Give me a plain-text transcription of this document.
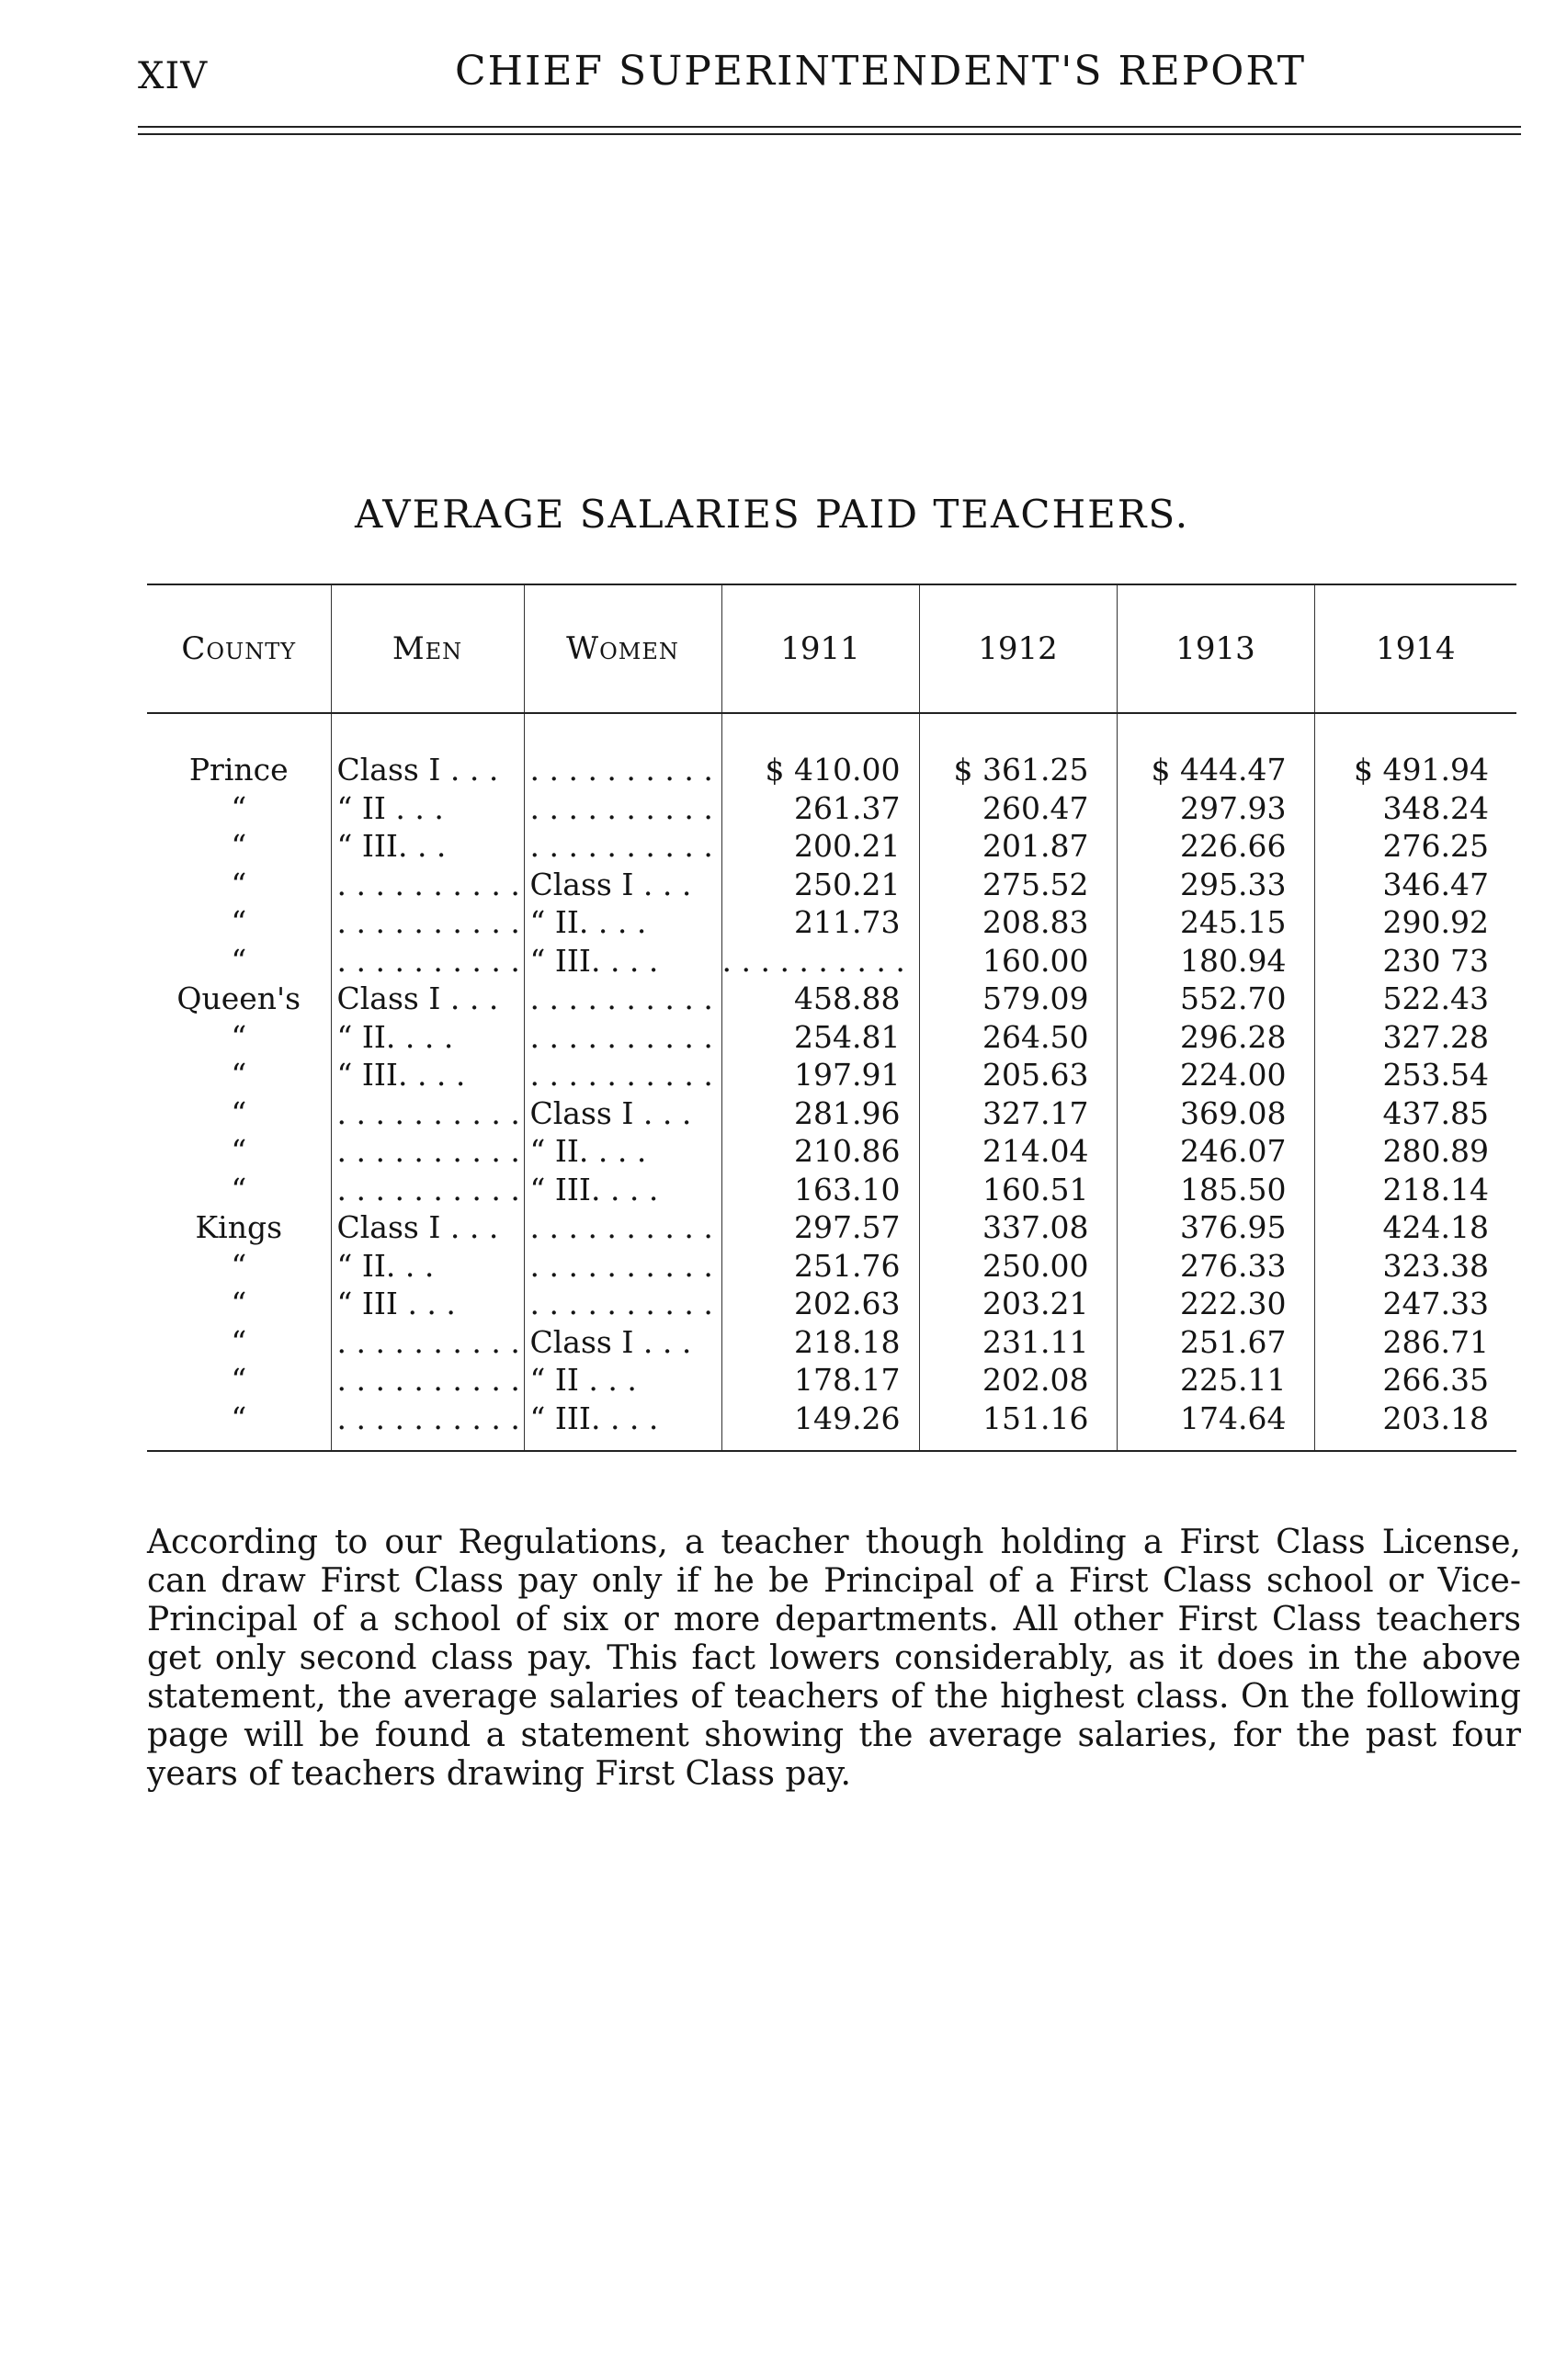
XIV	CHIEF SUPERINTENDENT'S REPORT
AVERAGE SALARIES PAID TEACHERS.
County	Men	Women	1911	1912	1913	1914
Prince	Class I . . .	. . . . . . . . . .	$ 410.00	$ 361.25	$ 444.47	$ 491.94
“	“ II . . .	. . . . . . . . . .	261.37	260.47	297.93	348.24
“	“ III. . .	. . . . . . . . . .	200.21	201.87	226.66	276.25
“	. . . . . . . . . .	Class I . . .	250.21	275.52	295.33	346.47
“	. . . . . . . . . .	“ II. . . .	211.73	208.83	245.15	290.92
“	. . . . . . . . . .	“ III. . . .	. . . . . . . . . .	160.00	180.94	230 73
Queen's	Class I . . .	. . . . . . . . . .	458.88	579.09	552.70	522.43
“	“ II. . . .	. . . . . . . . . .	254.81	264.50	296.28	327.28
“	“ III. . . .	. . . . . . . . . .	197.91	205.63	224.00	253.54
“	. . . . . . . . . .	Class I . . .	281.96	327.17	369.08	437.85
“	. . . . . . . . . .	“ II. . . .	210.86	214.04	246.07	280.89
“	. . . . . . . . . .	“ III. . . .	163.10	160.51	185.50	218.14
Kings	Class I . . .	. . . . . . . . . .	297.57	337.08	376.95	424.18
“	“ II. . .	. . . . . . . . . .	251.76	250.00	276.33	323.38
“	“ III . . .	. . . . . . . . . .	202.63	203.21	222.30	247.33
“	. . . . . . . . . .	Class I . . .	218.18	231.11	251.67	286.71
“	. . . . . . . . . .	“ II . . .	178.17	202.08	225.11	266.35
“	. . . . . . . . . .	“ III. . . .	149.26	151.16	174.64	203.18
According to our Regulations, a teacher though holding a First Class License, can draw First Class pay only if he be Principal of a First Class school or Vice-Principal of a school of six or more departments. All other First Class teachers get only second class pay. This fact lowers considerably, as it does in the above statement, the average salaries of teachers of the highest class. On the following page will be found a statement showing the average salaries, for the past four years of teachers drawing First Class pay.
